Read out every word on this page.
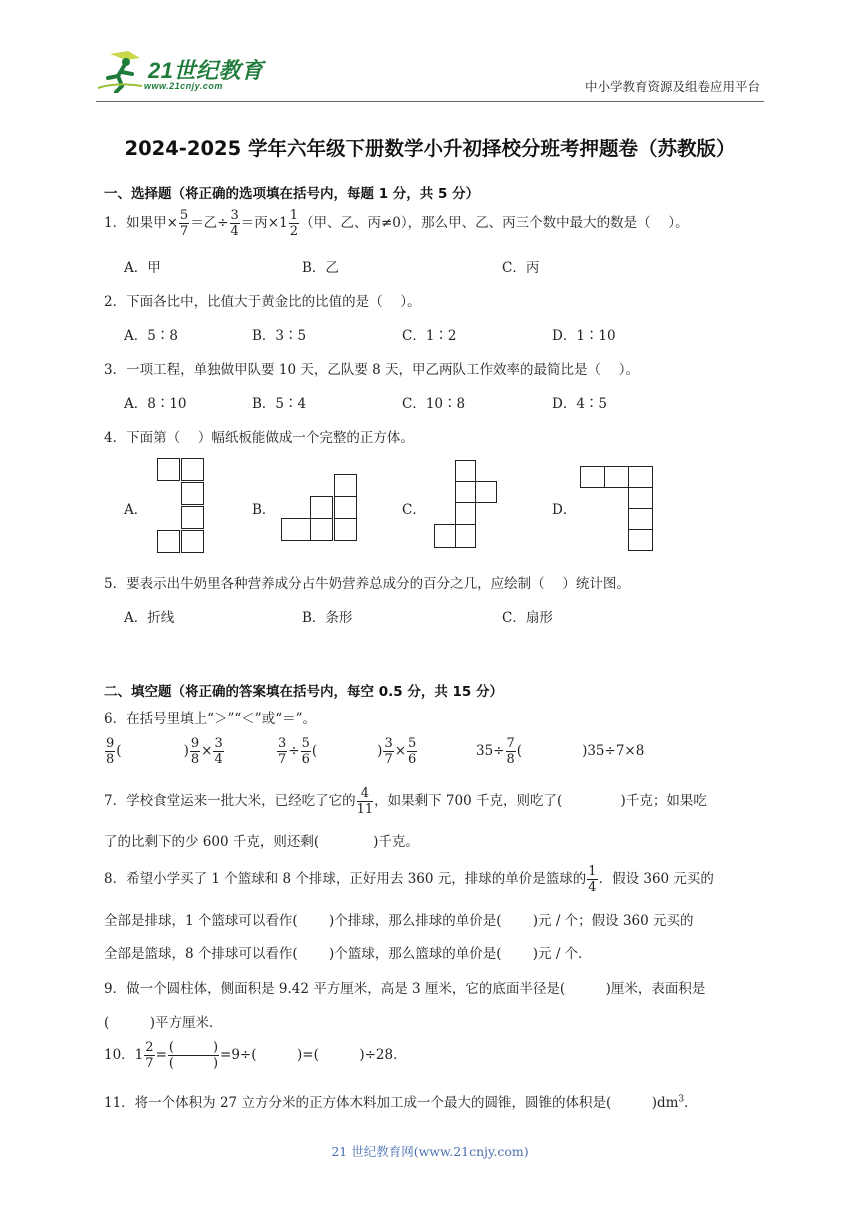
21世纪教育
www.21cnjy.com	中小学教育资源及组卷应用平台
2024-2025 学年六年级下册数学小升初择校分班考押题卷（苏教版）
一、选择题（将正确的选项填在括号内，每题 1 分，共 5 分）
1．如果甲× $\frac{5}{7}$ ＝乙÷ $\frac{3}{4}$ ＝丙$\times 1 \frac{1}{2}$ （甲、乙、丙≠0），那么甲、乙、丙三个数中最大的数是（　 ）。
A．甲	B．乙	C．丙
2．下面各比中，比值大于黄金比的比值的是（　 ）。
A．5∶8	B．3∶5	C．1∶2	D．1∶10
3．一项工程，单独做甲队要 10 天，乙队要 8 天，甲乙两队工作效率的最简比是（　 ）。
A．8∶10	B．5∶4	C．10∶8	D．4∶5
4．下面第（　 ）幅纸板能做成一个完整的正方体。
A．	B．	C．	D．
5．要表示出牛奶里各种营养成分占牛奶营养总成分的百分之几，应绘制（　 ）统计图。
A．折线	B．条形	C．扇形
二、填空题（将正确的答案填在括号内，每空 0.5 分，共 15 分）
6．在括号里填上“＞”“＜”或“＝”。
$\frac{9}{8}$ (	) $\frac{9}{8} \times \frac{3}{4}$	$\frac{3}{7} \div \frac{5}{6}$ (	) $\frac{3}{7} \times \frac{5}{6}$	$35\div \frac{7}{8}$ (	)35÷7×8
7．学校食堂运来一批大米，已经吃了它的 $\frac{4}{11}$ ，如果剩下 700 千克，则吃了(　　　　 )千克；如果吃
了的比剩下的少 600 千克，则还剩(　　　　)千克。
8．希望小学买了 1 个篮球和 8 个排球，正好用去 360 元，排球的单价是篮球的 $\frac{1}{4}$ ．假设 360 元买的
全部是排球，1 个篮球可以看作(　　 )个排球，那么排球的单价是(　　 )元 / 个；假设 360 元买的
全部是篮球，8 个排球可以看作(　　 )个篮球，那么篮球的单价是(　　 )元 / 个．
9．做一个圆柱体，侧面积是 9.42 平方厘米，高是 3 厘米，它的底面半径是(　　　)厘米，表面积是
(　　　)平方厘米．
10．$1 \frac{2}{7} = \frac{( )}{( )} =9\div$(　　　)=(　　　)÷28．
11．将一个体积为 27 立方分米的正方体木料加工成一个最大的圆锥，圆锥的体积是(　　　)$dm^3$．
21 世纪教育网(www.21cnjy.com)
